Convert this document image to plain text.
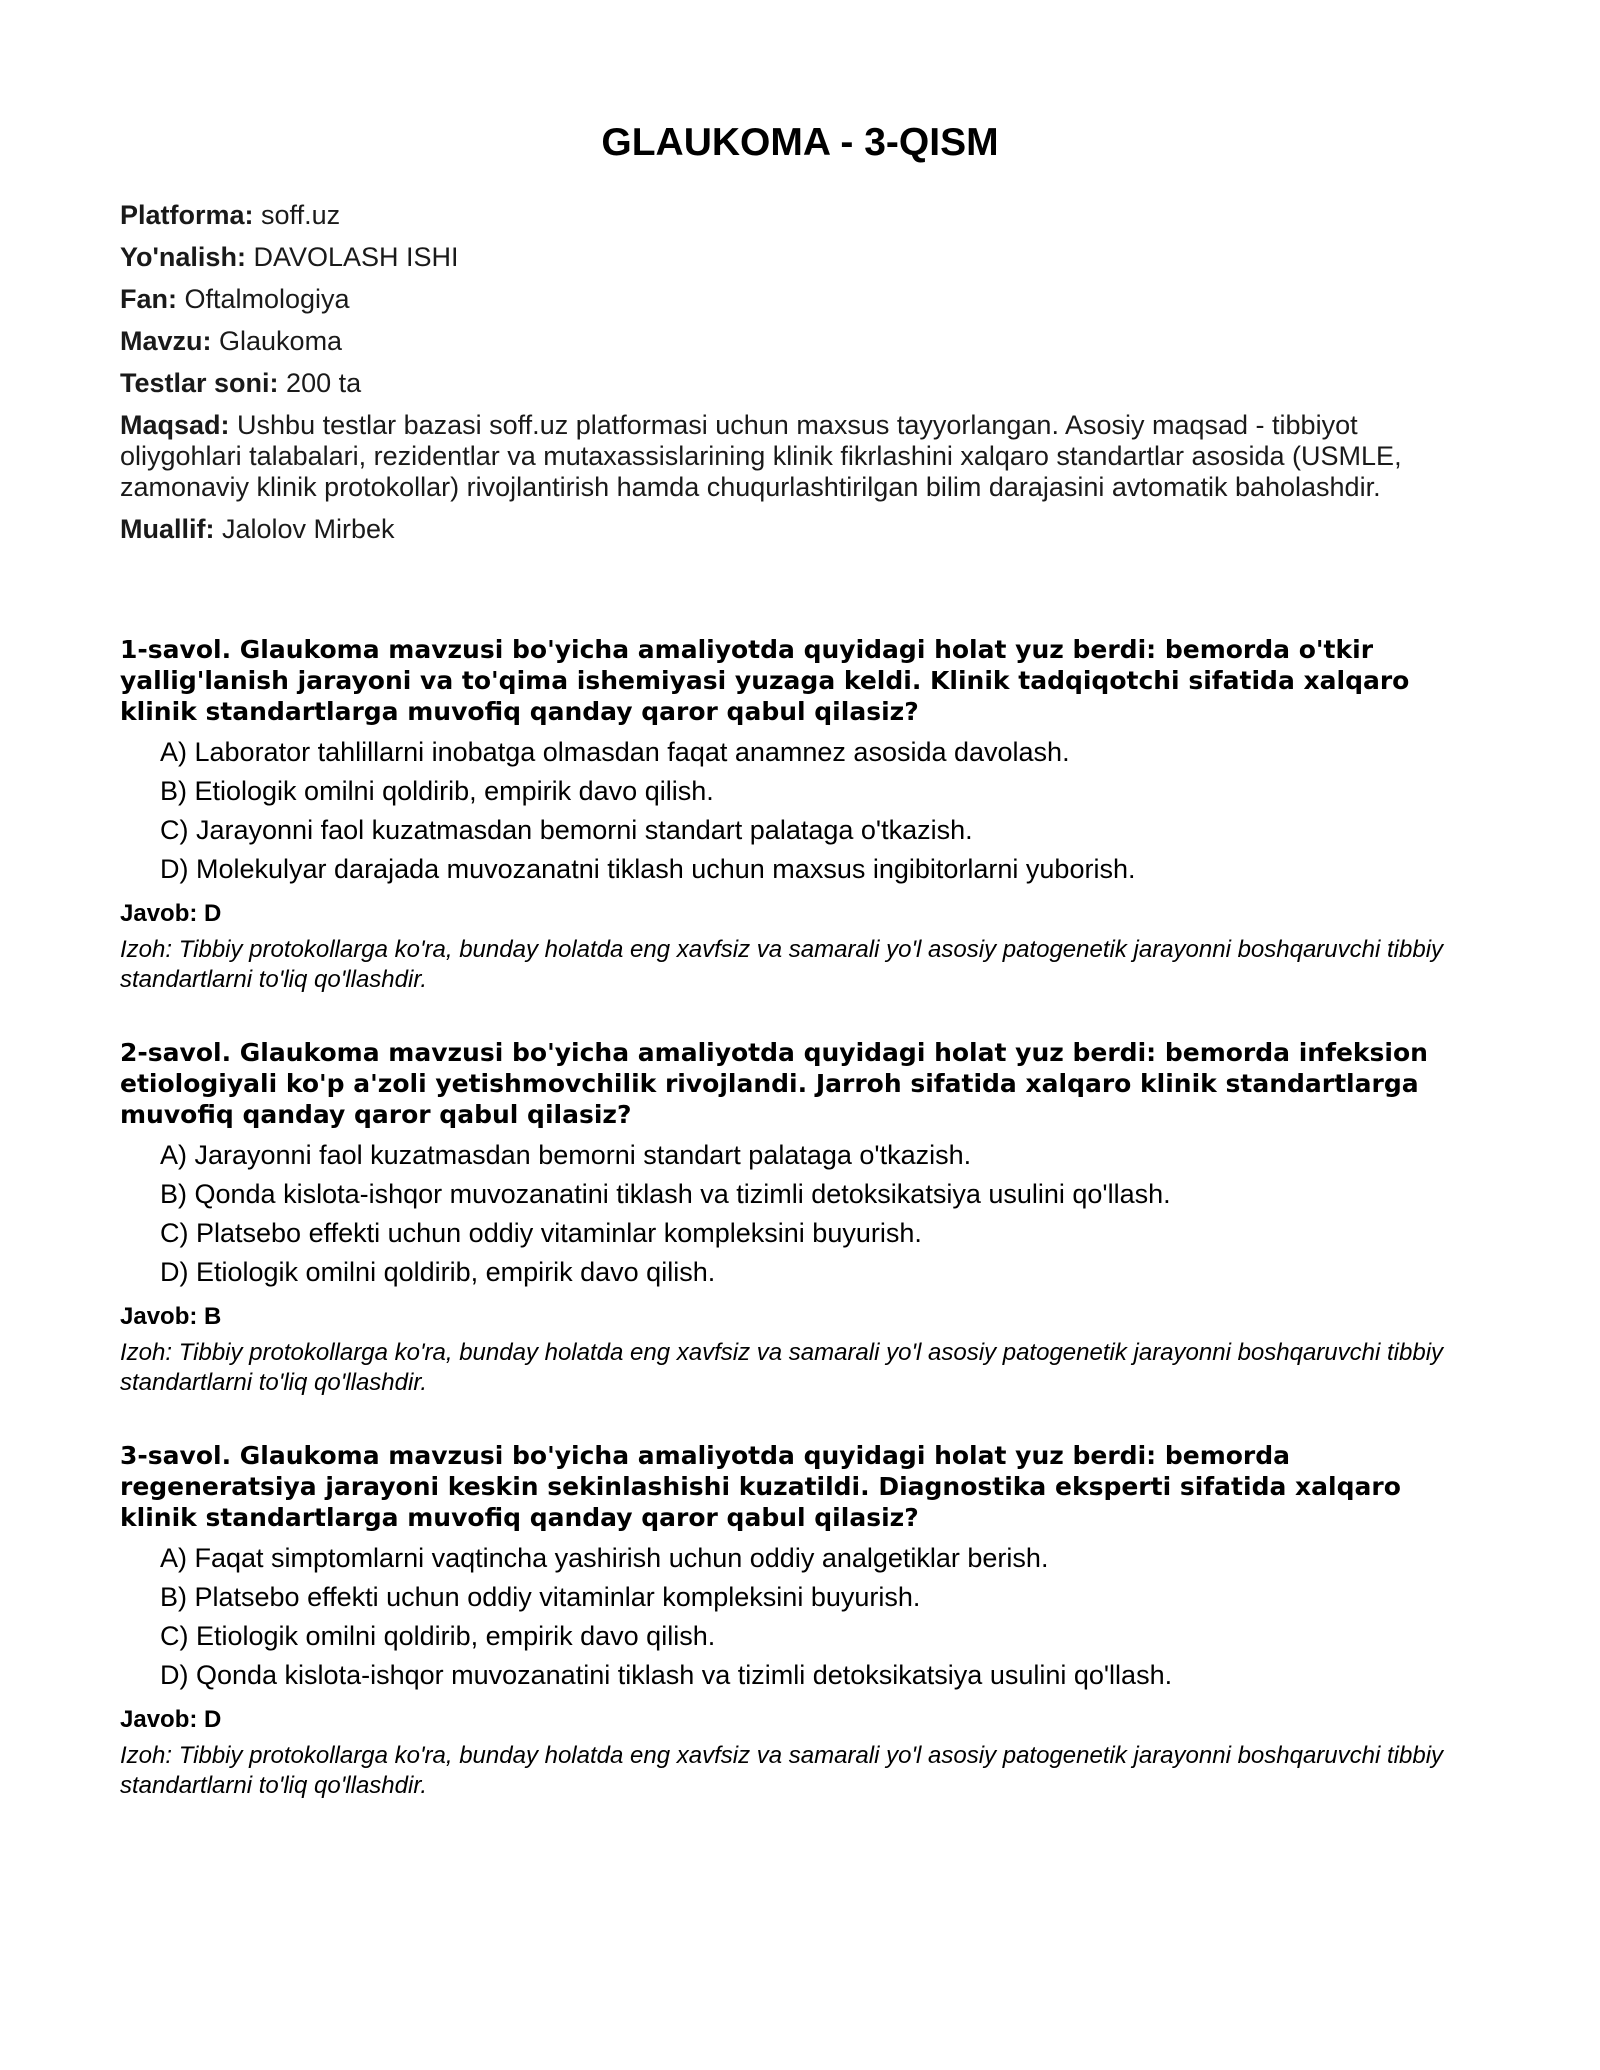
GLAUKOMA - 3-QISM

Platforma: soff.uz

Yo'nalish: DAVOLASH ISHI

Fan: Oftalmologiya

Mavzu: Glaukoma

Testlar soni: 200 ta

Maqsad: Ushbu testlar bazasi soff.uz platformasi uchun maxsus tayyorlangan. Asosiy maqsad - tibbiyot oliygohlari talabalari, rezidentlar va mutaxassislarining klinik fikrlashini xalqaro standartlar asosida (USMLE, zamonaviy klinik protokollar) rivojlantirish hamda chuqurlashtirilgan bilim darajasini avtomatik baholashdir.

Muallif: Jalolov Mirbek

1-savol. Glaukoma mavzusi bo'yicha amaliyotda quyidagi holat yuz berdi: bemorda o'tkir yallig'lanish jarayoni va to'qima ishemiyasi yuzaga keldi. Klinik tadqiqotchi sifatida xalqaro klinik standartlarga muvofiq qanday qaror qabul qilasiz?

A) Laborator tahlillarni inobatga olmasdan faqat anamnez asosida davolash.

B) Etiologik omilni qoldirib, empirik davo qilish.

C) Jarayonni faol kuzatmasdan bemorni standart palataga o'tkazish.

D) Molekulyar darajada muvozanatni tiklash uchun maxsus ingibitorlarni yuborish.

Javob: D

Izoh: Tibbiy protokollarga ko'ra, bunday holatda eng xavfsiz va samarali yo'l asosiy patogenetik jarayonni boshqaruvchi tibbiy standartlarni to'liq qo'llashdir.

2-savol. Glaukoma mavzusi bo'yicha amaliyotda quyidagi holat yuz berdi: bemorda infeksion etiologiyali ko'p a'zoli yetishmovchilik rivojlandi. Jarroh sifatida xalqaro klinik standartlarga muvofiq qanday qaror qabul qilasiz?

A) Jarayonni faol kuzatmasdan bemorni standart palataga o'tkazish.

B) Qonda kislota-ishqor muvozanatini tiklash va tizimli detoksikatsiya usulini qo'llash.

C) Platsebo effekti uchun oddiy vitaminlar kompleksini buyurish.

D) Etiologik omilni qoldirib, empirik davo qilish.

Javob: B

Izoh: Tibbiy protokollarga ko'ra, bunday holatda eng xavfsiz va samarali yo'l asosiy patogenetik jarayonni boshqaruvchi tibbiy standartlarni to'liq qo'llashdir.

3-savol. Glaukoma mavzusi bo'yicha amaliyotda quyidagi holat yuz berdi: bemorda regeneratsiya jarayoni keskin sekinlashishi kuzatildi. Diagnostika eksperti sifatida xalqaro klinik standartlarga muvofiq qanday qaror qabul qilasiz?

A) Faqat simptomlarni vaqtincha yashirish uchun oddiy analgetiklar berish.

B) Platsebo effekti uchun oddiy vitaminlar kompleksini buyurish.

C) Etiologik omilni qoldirib, empirik davo qilish.

D) Qonda kislota-ishqor muvozanatini tiklash va tizimli detoksikatsiya usulini qo'llash.

Javob: D

Izoh: Tibbiy protokollarga ko'ra, bunday holatda eng xavfsiz va samarali yo'l asosiy patogenetik jarayonni boshqaruvchi tibbiy standartlarni to'liq qo'llashdir.
